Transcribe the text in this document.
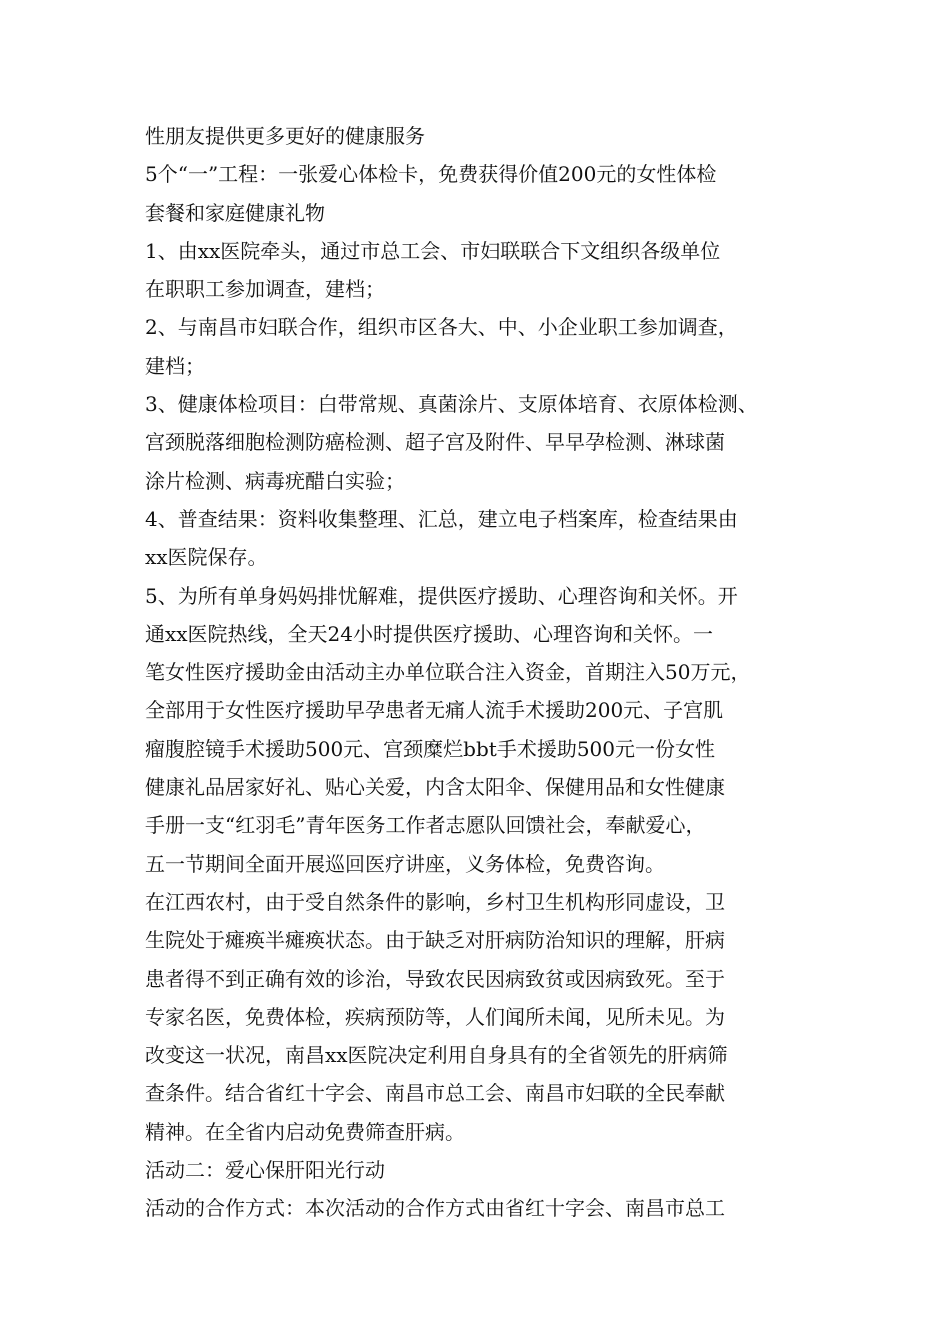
性朋友提供更多更好的健康服务
5个“一”工程：一张爱心体检卡，免费获得价值200元的女性体检
套餐和家庭健康礼物
1、由xx医院牵头，通过市总工会、市妇联联合下文组织各级单位
在职职工参加调查，建档；
2、与南昌市妇联合作，组织市区各大、中、小企业职工参加调查，
建档；
3、健康体检项目：白带常规、真菌涂片、支原体培育、衣原体检测、
宫颈脱落细胞检测防癌检测、超子宫及附件、早早孕检测、淋球菌
涂片检测、病毒疣醋白实验；
4、普查结果：资料收集整理、汇总，建立电子档案库，检查结果由
xx医院保存。
5、为所有单身妈妈排忧解难，提供医疗援助、心理咨询和关怀。开
通xx医院热线，全天24小时提供医疗援助、心理咨询和关怀。一
笔女性医疗援助金由活动主办单位联合注入资金，首期注入50万元，
全部用于女性医疗援助早孕患者无痛人流手术援助200元、子宫肌
瘤腹腔镜手术援助500元、宫颈糜烂bbt手术援助500元一份女性
健康礼品居家好礼、贴心关爱，内含太阳伞、保健用品和女性健康
手册一支“红羽毛”青年医务工作者志愿队回馈社会，奉献爱心，
五一节期间全面开展巡回医疗讲座，义务体检，免费咨询。
在江西农村，由于受自然条件的影响，乡村卫生机构形同虚设，卫
生院处于瘫痪半瘫痪状态。由于缺乏对肝病防治知识的理解，肝病
患者得不到正确有效的诊治，导致农民因病致贫或因病致死。至于
专家名医，免费体检，疾病预防等，人们闻所未闻，见所未见。为
改变这一状况，南昌xx医院决定利用自身具有的全省领先的肝病筛
查条件。结合省红十字会、南昌市总工会、南昌市妇联的全民奉献
精神。在全省内启动免费筛查肝病。
活动二：爱心保肝阳光行动
活动的合作方式：本次活动的合作方式由省红十字会、南昌市总工
